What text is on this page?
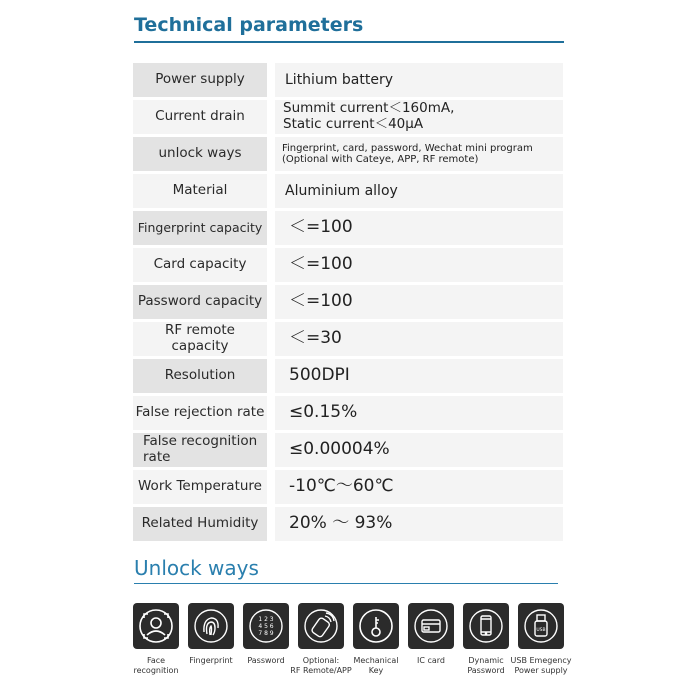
Technical parameters
Power supply	Lithium battery
Current drain	Summit current＜160mA,
Static current＜40μA
unlock ways	Fingerprint, card, password, Wechat mini program
(Optional with Cateye, APP, RF remote)
Material	Aluminium alloy
Fingerprint capacity	＜=100
Card capacity	＜=100
Password capacity	＜=100
RF remote capacity	＜=30
Resolution	500DPI
False rejection rate	≤0.15%
False recognition
rate	≤0.00004%
Work Temperature	-10℃～60℃
Related Humidity	20% ～ 93%
Unlock ways
Face
recognition
Fingerprint

1 2 3
4 5 6
7 8 9
Password	Optional:
RF Remote/APP
Mechanical
Key
IC card	Dynamic
Password
USB
USB Emegency
Power supply
